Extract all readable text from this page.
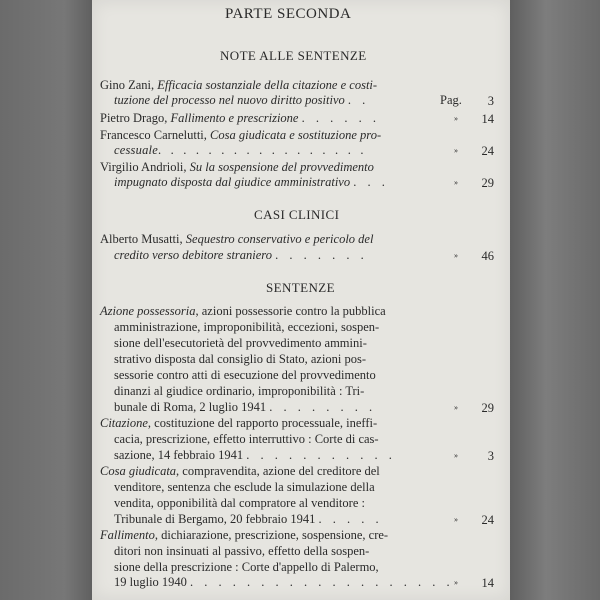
PARTE SECONDA
NOTE ALLE SENTENZE
Gino Zani, Efficacia sostanziale della citazione e costi-
tuzione del processo nel nuovo diritto positivo . .	Pag.	3
Pietro Drago, Fallimento e prescrizione . . . . . .	»	14
Francesco Carnelutti, Cosa giudicata e sostituzione pro-
cessuale. . . . . . . . . . . . . . . . .	»	24
Virgilio Andrioli, Su la sospensione del provvedimento
impugnato disposta dal giudice amministrativo . . .	»	29
CASI CLINICI
Alberto Musatti, Sequestro conservativo e pericolo del
credito verso debitore straniero . . . . . . .	»	46
SENTENZE
Azione possessoria, azioni possessorie contro la pubblica
amministrazione, improponibilità, eccezioni, sospen-
sione dell'esecutorietà del provvedimento ammini-
strativo disposta dal consiglio di Stato, azioni pos-
sessorie contro atti di esecuzione del provvedimento
dinanzi al giudice ordinario, improponibilità : Tri-
bunale di Roma, 2 luglio 1941 . . . . . . . .	»	29
Citazione, costituzione del rapporto processuale, ineffi-
cacia, prescrizione, effetto interruttivo : Corte di cas-
sazione, 14 febbraio 1941 . . . . . . . . . . .	»	3
Cosa giudicata, compravendita, azione del creditore del
venditore, sentenza che esclude la simulazione della
vendita, opponibilità dal compratore al venditore :
Tribunale di Bergamo, 20 febbraio 1941 . . . . .	»	24
Fallimento, dichiarazione, prescrizione, sospensione, cre-
ditori non insinuati al passivo, effetto della sospen-
sione della prescrizione : Corte d'appello di Palermo,
19 luglio 1940 . . . . . . . . . . . . . . . . . . . »	14
